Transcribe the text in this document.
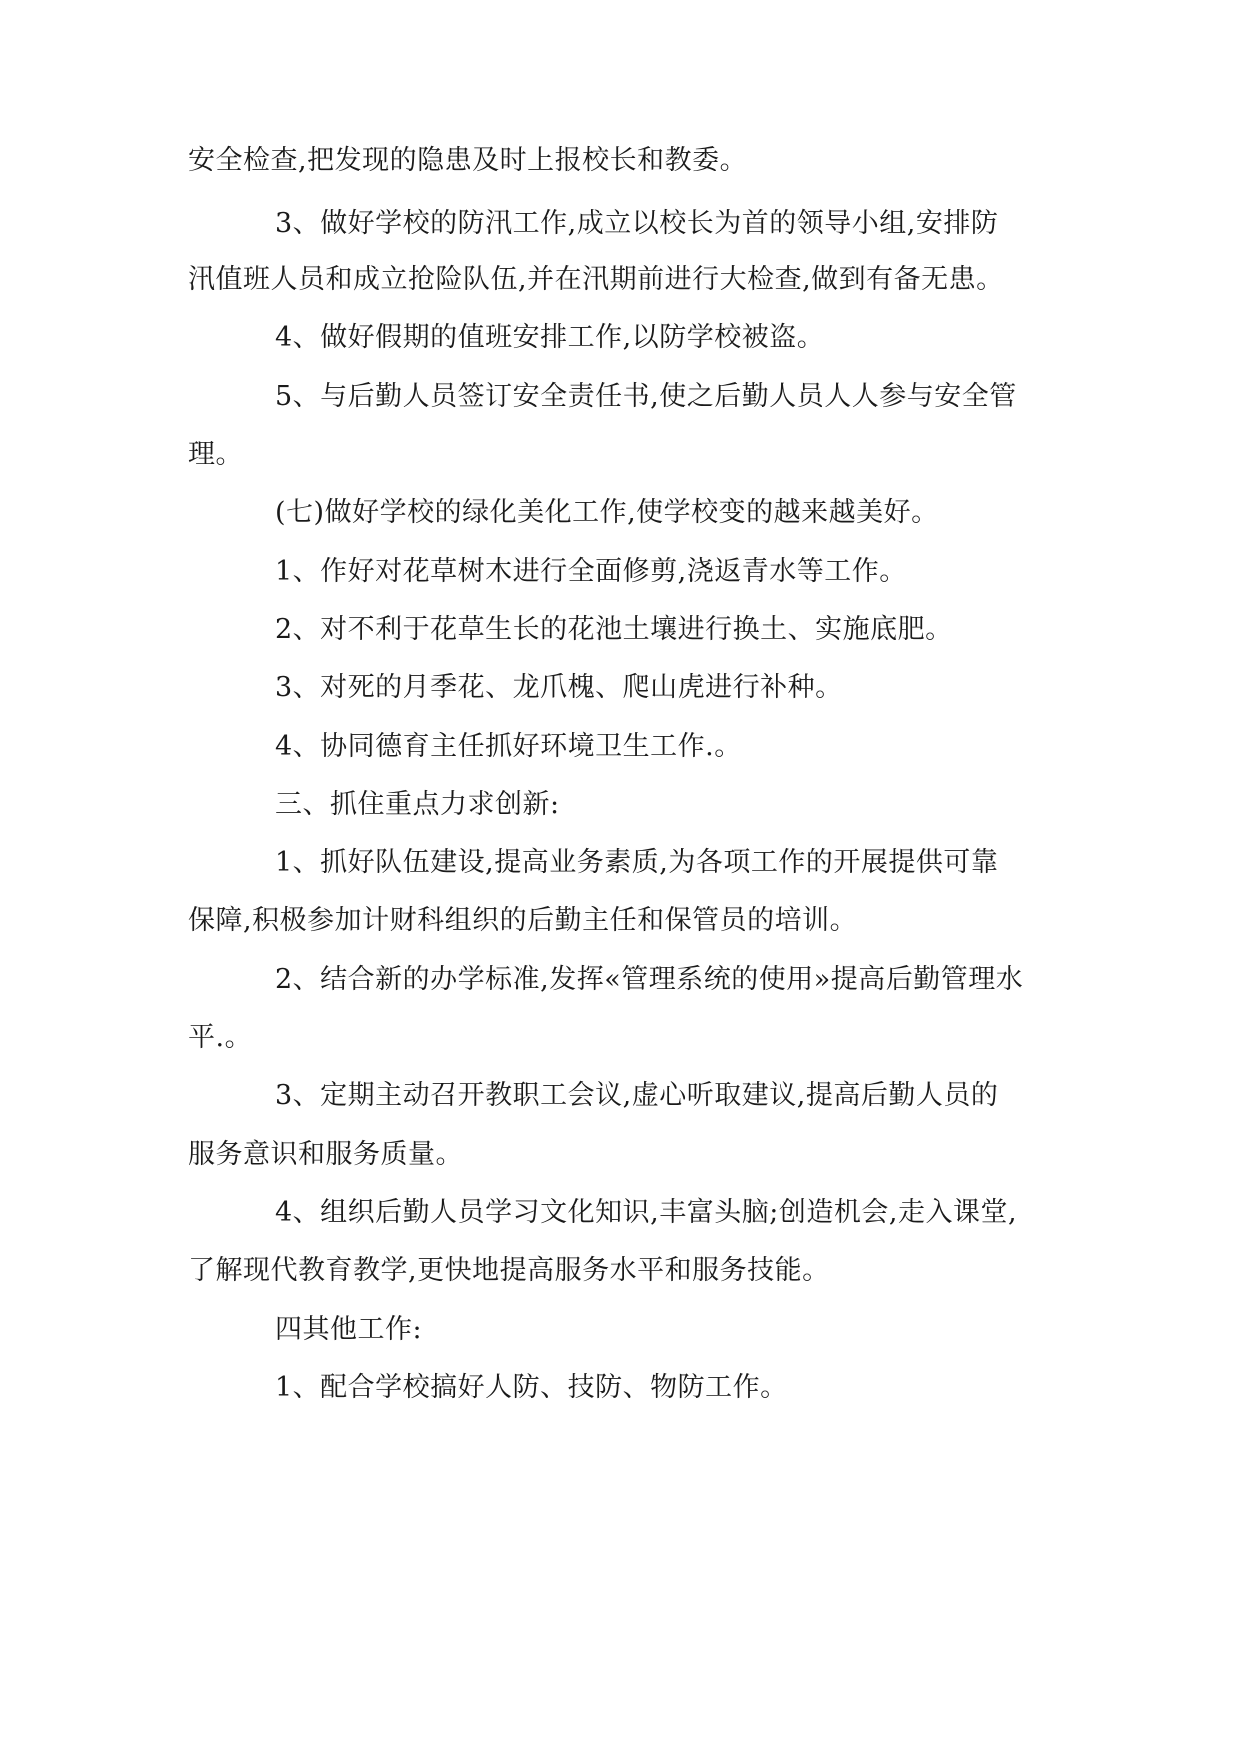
安全检查,把发现的隐患及时上报校长和教委。
3、做好学校的防汛工作,成立以校长为首的领导小组,安排防
汛值班人员和成立抢险队伍,并在汛期前进行大检查,做到有备无患。
4、做好假期的值班安排工作,以防学校被盗。
5、与后勤人员签订安全责任书,使之后勤人员人人参与安全管
理。
(七)做好学校的绿化美化工作,使学校变的越来越美好。
1、作好对花草树木进行全面修剪,浇返青水等工作。
2、对不利于花草生长的花池土壤进行换土、实施底肥。
3、对死的月季花、龙爪槐、爬山虎进行补种。
4、协同德育主任抓好环境卫生工作.。
三、抓住重点力求创新:
1、抓好队伍建设,提高业务素质,为各项工作的开展提供可靠
保障,积极参加计财科组织的后勤主任和保管员的培训。
2、结合新的办学标准,发挥«管理系统的使用»提高后勤管理水
平.。
3、定期主动召开教职工会议,虚心听取建议,提高后勤人员的
服务意识和服务质量。
4、组织后勤人员学习文化知识,丰富头脑;创造机会,走入课堂,
了解现代教育教学,更快地提高服务水平和服务技能。
四其他工作:
1、配合学校搞好人防、技防、物防工作。
